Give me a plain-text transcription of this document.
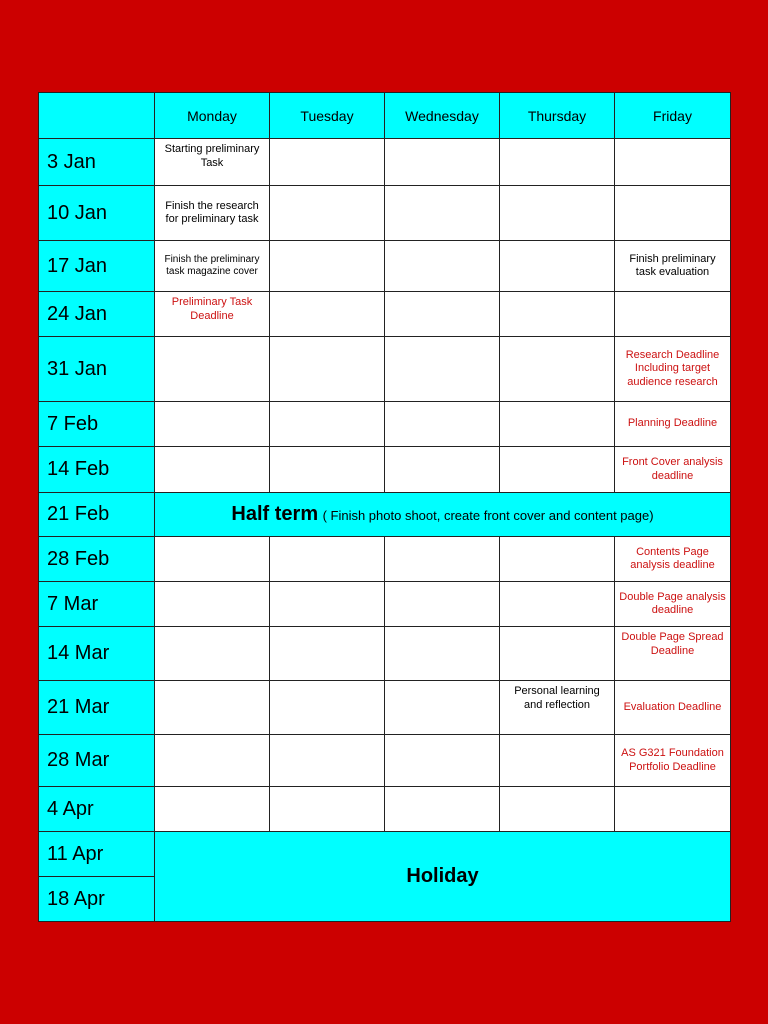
	Monday	Tuesday	Wednesday	Thursday	Friday
3 Jan	Starting preliminary Task				
10 Jan	Finish the research for preliminary task				
17 Jan	Finish the preliminary task magazine cover				Finish preliminary task evaluation
24 Jan	Preliminary Task Deadline				
31 Jan					Research Deadline Including target audience research
7 Feb					Planning Deadline
14 Feb					Front Cover analysis deadline
21 Feb	Half term ( Finish photo shoot, create front cover and content page)				
28 Feb					Contents Page analysis deadline
7 Mar					Double Page analysis deadline
14 Mar					Double Page Spread Deadline
21 Mar				Personal learning and reflection	Evaluation Deadline
28 Mar					AS G321 Foundation Portfolio Deadline
4 Apr					
11 Apr	Holiday				
18 Apr					
